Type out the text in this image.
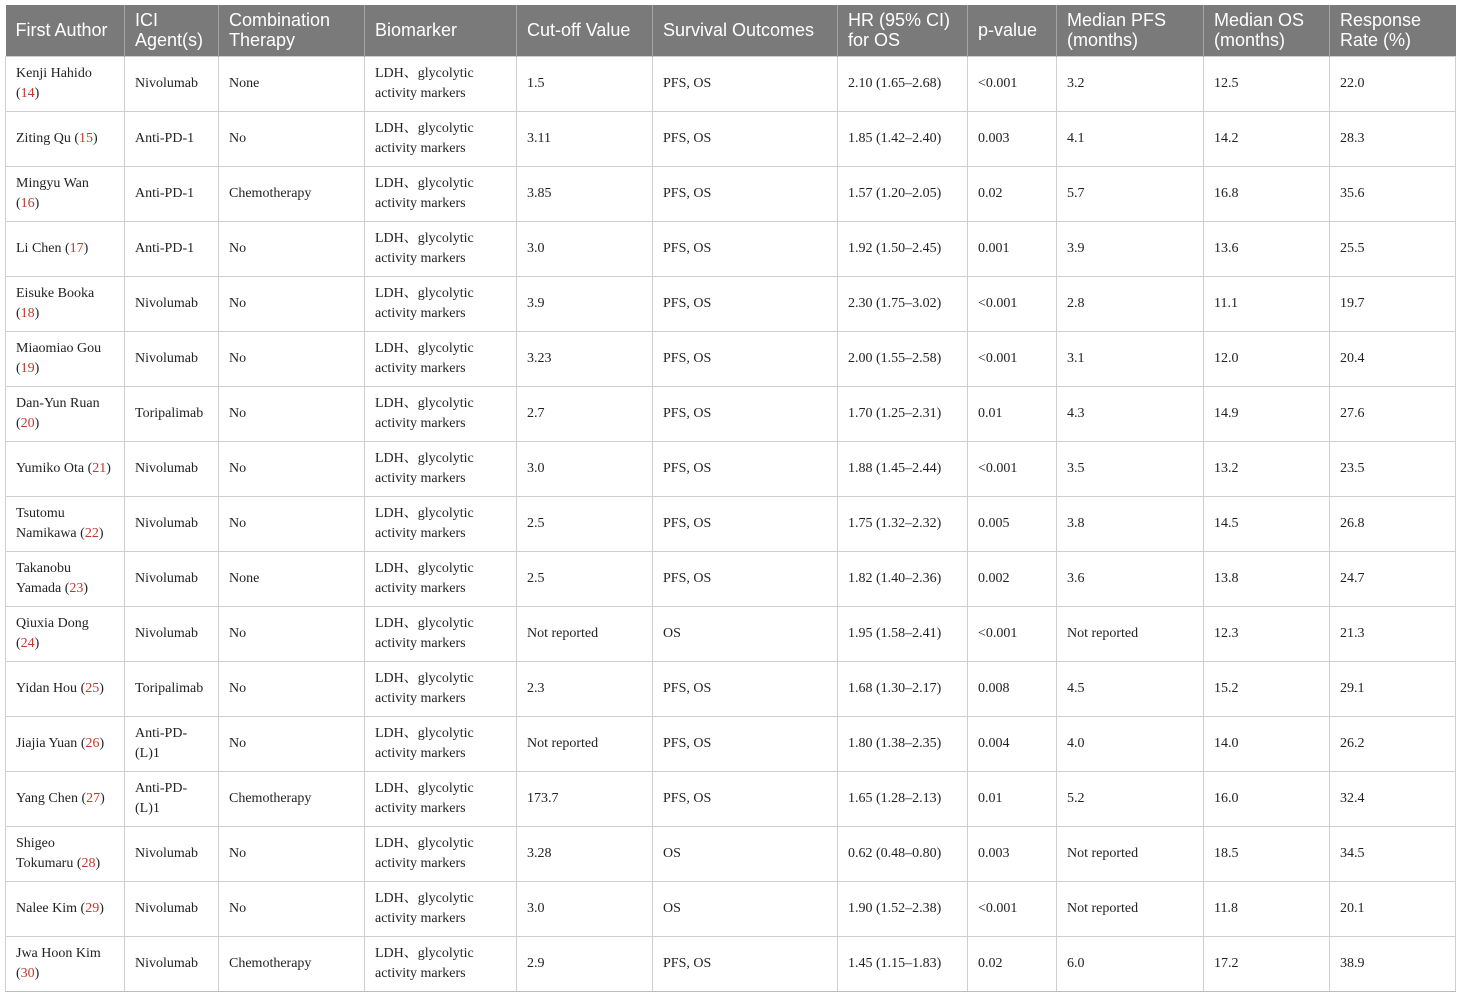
First Author	ICI Agent(s)	Combination Therapy	Biomarker	Cut-off Value	Survival Outcomes	HR (95% CI) for OS	p-value	Median PFS (months)	Median OS (months)	Response Rate (%)
Kenji Hahido (14)	Nivolumab	None	LDH、glycolytic activity markers	1.5	PFS, OS	2.10 (1.65–2.68)	<0.001	3.2	12.5	22.0
Ziting Qu (15)	Anti-PD-1	No	LDH、glycolytic activity markers	3.11	PFS, OS	1.85 (1.42–2.40)	0.003	4.1	14.2	28.3
Mingyu Wan (16)	Anti-PD-1	Chemotherapy	LDH、glycolytic activity markers	3.85	PFS, OS	1.57 (1.20–2.05)	0.02	5.7	16.8	35.6
Li Chen (17)	Anti-PD-1	No	LDH、glycolytic activity markers	3.0	PFS, OS	1.92 (1.50–2.45)	0.001	3.9	13.6	25.5
Eisuke Booka (18)	Nivolumab	No	LDH、glycolytic activity markers	3.9	PFS, OS	2.30 (1.75–3.02)	<0.001	2.8	11.1	19.7
Miaomiao Gou (19)	Nivolumab	No	LDH、glycolytic activity markers	3.23	PFS, OS	2.00 (1.55–2.58)	<0.001	3.1	12.0	20.4
Dan-Yun Ruan (20)	Toripalimab	No	LDH、glycolytic activity markers	2.7	PFS, OS	1.70 (1.25–2.31)	0.01	4.3	14.9	27.6
Yumiko Ota (21)	Nivolumab	No	LDH、glycolytic activity markers	3.0	PFS, OS	1.88 (1.45–2.44)	<0.001	3.5	13.2	23.5
Tsutomu Namikawa (22)	Nivolumab	No	LDH、glycolytic activity markers	2.5	PFS, OS	1.75 (1.32–2.32)	0.005	3.8	14.5	26.8
Takanobu Yamada (23)	Nivolumab	None	LDH、glycolytic activity markers	2.5	PFS, OS	1.82 (1.40–2.36)	0.002	3.6	13.8	24.7
Qiuxia Dong (24)	Nivolumab	No	LDH、glycolytic activity markers	Not reported	OS	1.95 (1.58–2.41)	<0.001	Not reported	12.3	21.3
Yidan Hou (25)	Toripalimab	No	LDH、glycolytic activity markers	2.3	PFS, OS	1.68 (1.30–2.17)	0.008	4.5	15.2	29.1
Jiajia Yuan (26)	Anti-PD-(L)1	No	LDH、glycolytic activity markers	Not reported	PFS, OS	1.80 (1.38–2.35)	0.004	4.0	14.0	26.2
Yang Chen (27)	Anti-PD-(L)1	Chemotherapy	LDH、glycolytic activity markers	173.7	PFS, OS	1.65 (1.28–2.13)	0.01	5.2	16.0	32.4
Shigeo Tokumaru (28)	Nivolumab	No	LDH、glycolytic activity markers	3.28	OS	0.62 (0.48–0.80)	0.003	Not reported	18.5	34.5
Nalee Kim (29)	Nivolumab	No	LDH、glycolytic activity markers	3.0	OS	1.90 (1.52–2.38)	<0.001	Not reported	11.8	20.1
Jwa Hoon Kim (30)	Nivolumab	Chemotherapy	LDH、glycolytic activity markers	2.9	PFS, OS	1.45 (1.15–1.83)	0.02	6.0	17.2	38.9
